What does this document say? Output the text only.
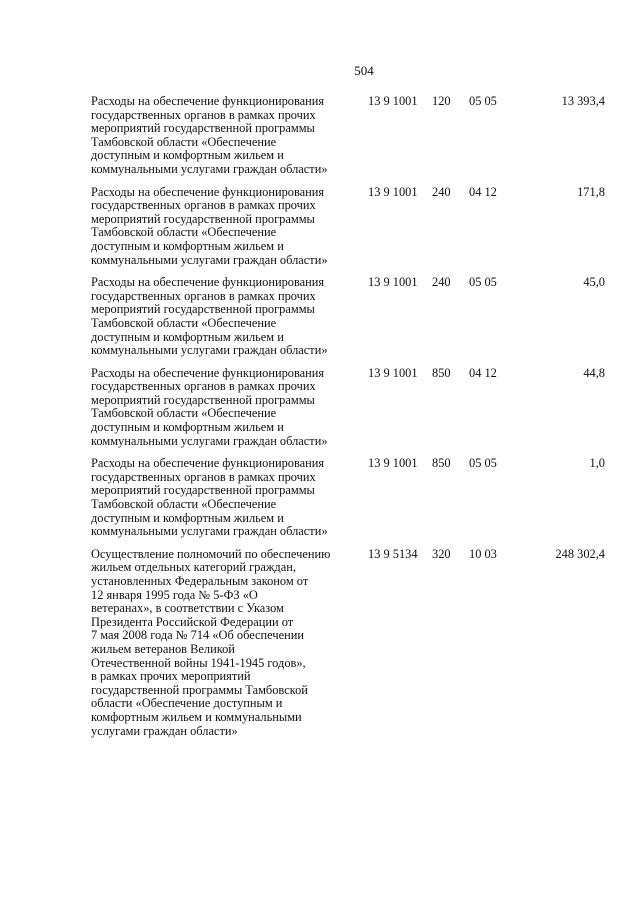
504
Расходы на обеспечение функционирования
государственных органов в рамках прочих
мероприятий государственной программы
Тамбовской области «Обеспечение
доступным и комфортным жильем и
коммунальными услугами граждан области»
13 9 1001 120 05 05	13 393,4
Расходы на обеспечение функционирования
государственных органов в рамках прочих
мероприятий государственной программы
Тамбовской области «Обеспечение
доступным и комфортным жильем и
коммунальными услугами граждан области»
13 9 1001 240 04 12	171,8
Расходы на обеспечение функционирования
государственных органов в рамках прочих
мероприятий государственной программы
Тамбовской области «Обеспечение
доступным и комфортным жильем и
коммунальными услугами граждан области»
13 9 1001 240 05 05	45,0
Расходы на обеспечение функционирования
государственных органов в рамках прочих
мероприятий государственной программы
Тамбовской области «Обеспечение
доступным и комфортным жильем и
коммунальными услугами граждан области»
13 9 1001 850 04 12	44,8
Расходы на обеспечение функционирования
государственных органов в рамках прочих
мероприятий государственной программы
Тамбовской области «Обеспечение
доступным и комфортным жильем и
коммунальными услугами граждан области»
13 9 1001 850 05 05	1,0
Осуществление полномочий по обеспечению
жильем отдельных категорий граждан,
установленных Федеральным законом от
12 января 1995 года № 5-ФЗ «О
ветеранах», в соответствии с Указом
Президента Российской Федерации от
7 мая 2008 года № 714 «Об обеспечении
жильем ветеранов Великой
Отечественной войны 1941-1945 годов»,
в рамках прочих мероприятий
государственной программы Тамбовской
области «Обеспечение доступным и
комфортным жильем и коммунальными
услугами граждан области»
13 9 5134 320 10 03	248 302,4
